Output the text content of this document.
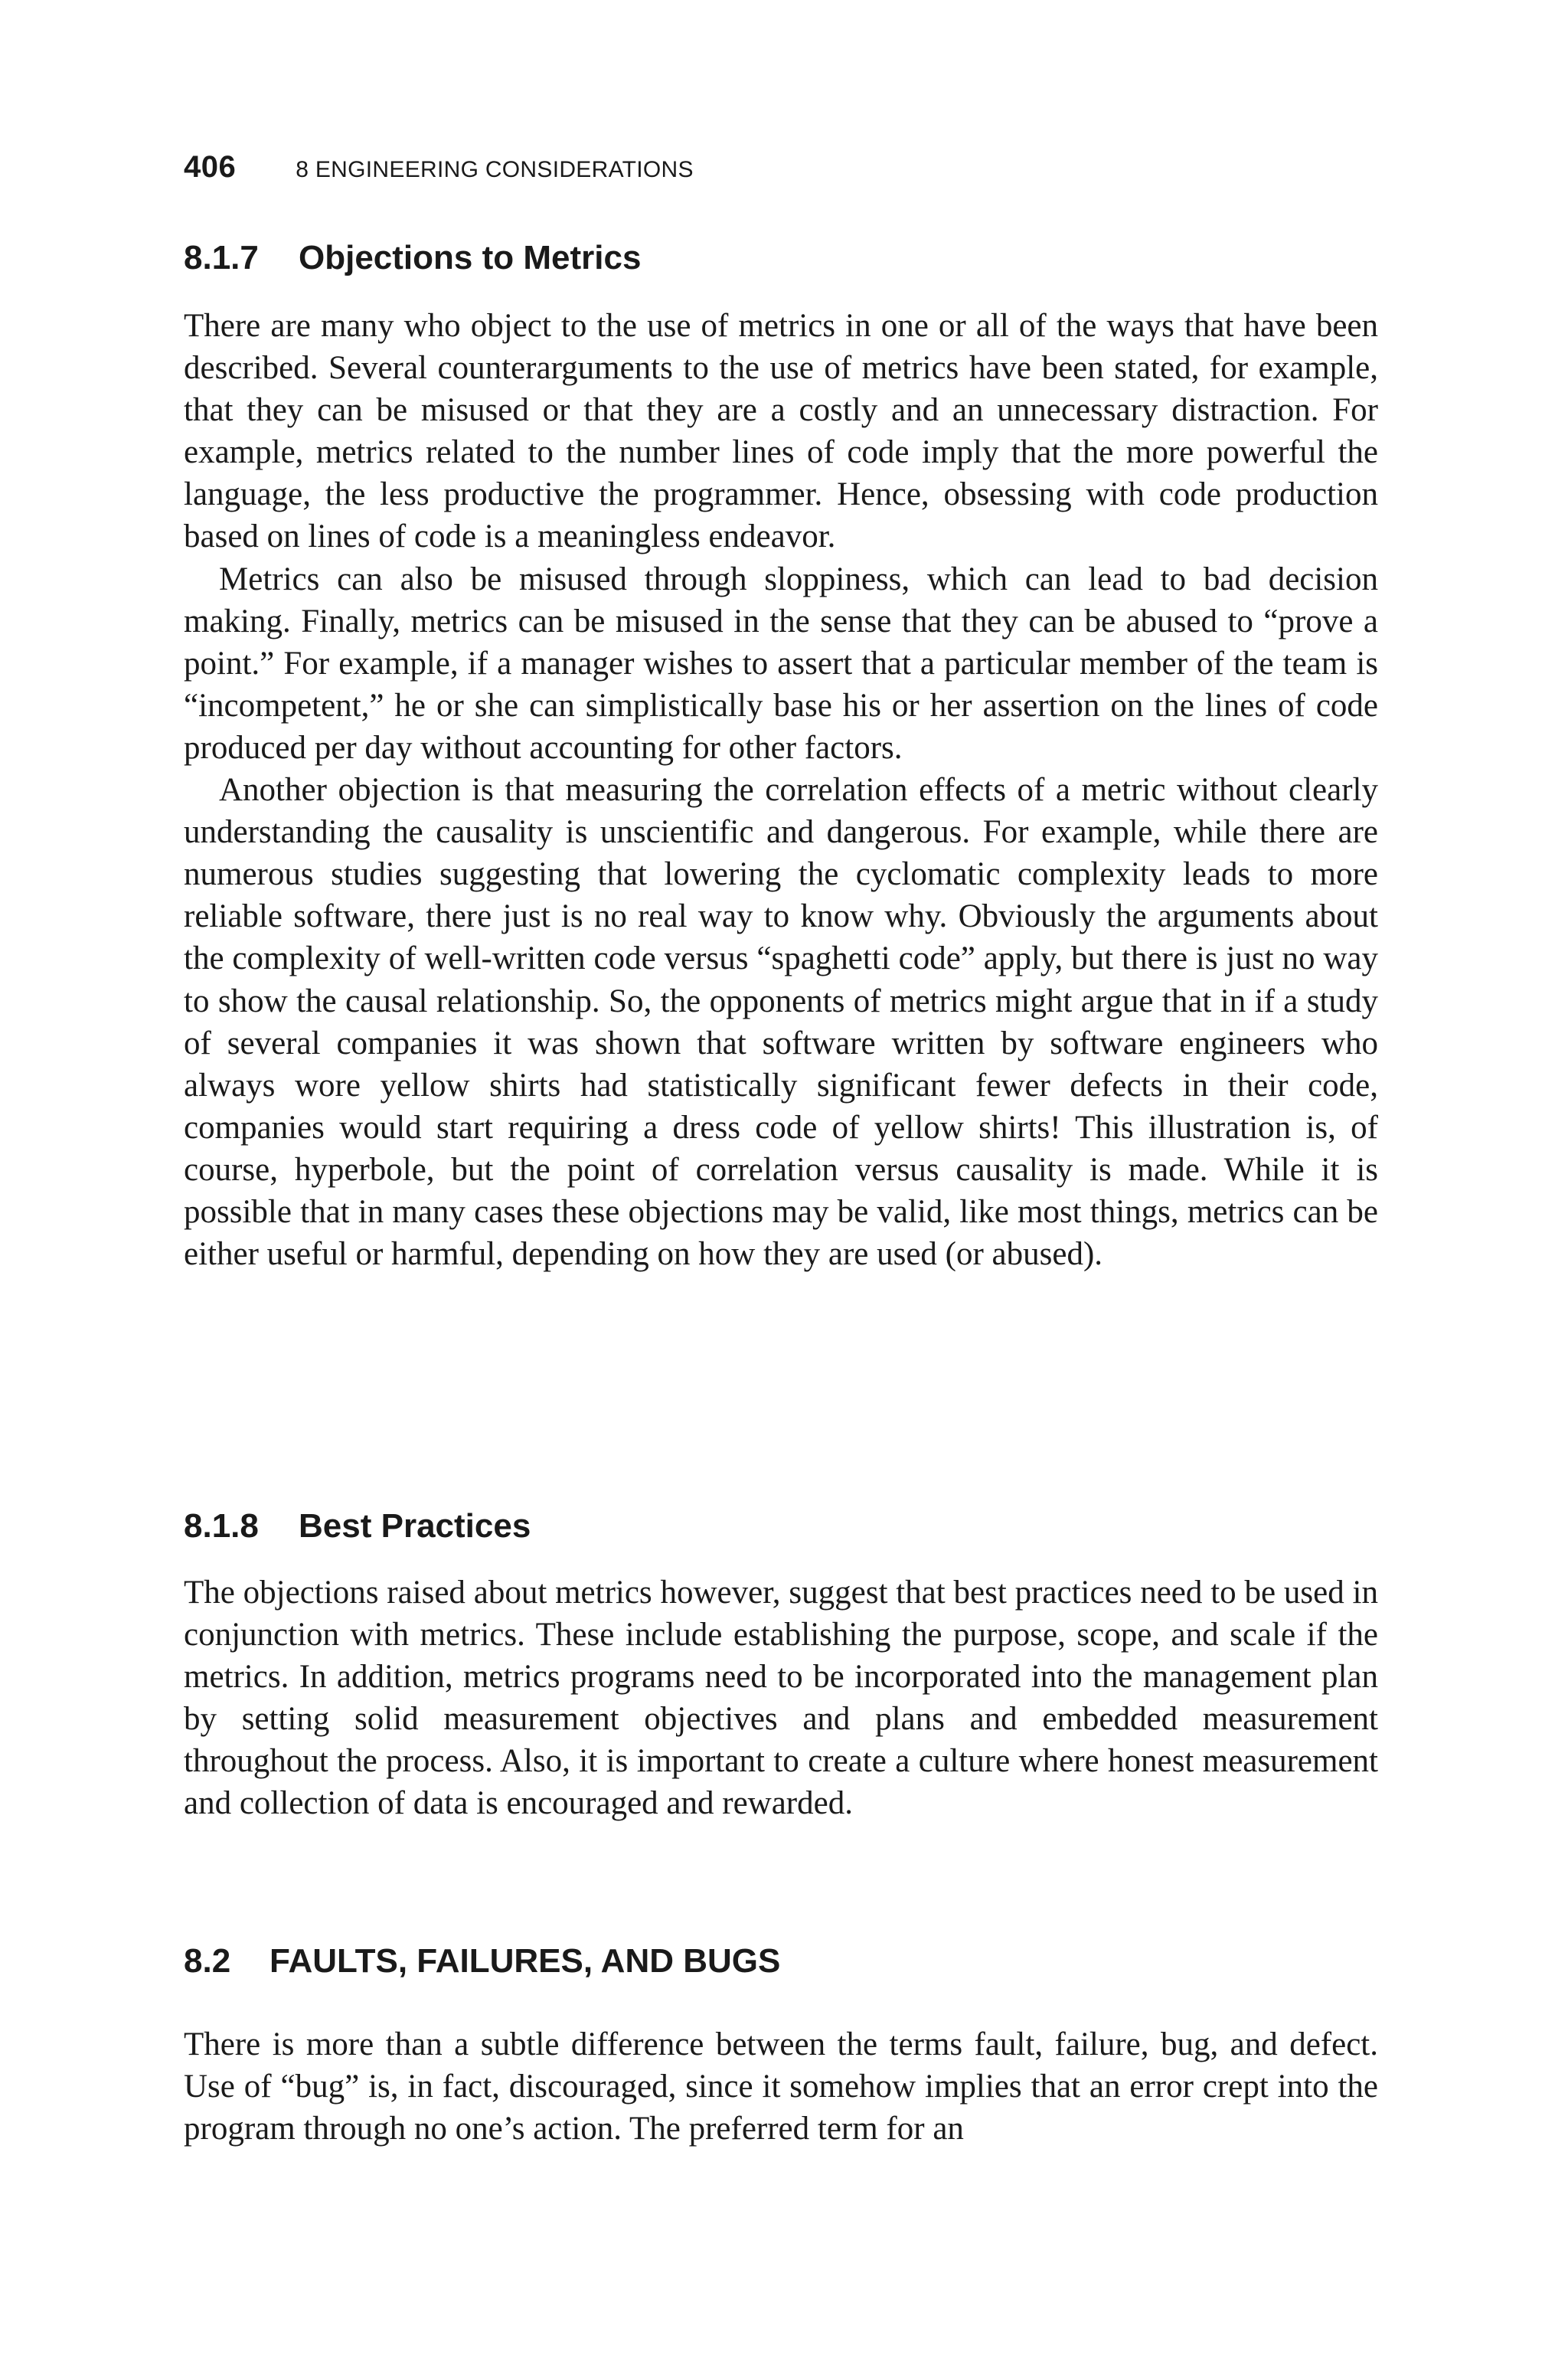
406	8 ENGINEERING CONSIDERATIONS
8.1.7 Objections to Metrics

There are many who object to the use of metrics in one or all of the ways that have been described. Several counterarguments to the use of metrics have been stated, for example, that they can be misused or that they are a costly and an unnecessary distraction. For example, metrics related to the number lines of code imply that the more powerful the language, the less productive the programmer. Hence, obsessing with code production based on lines of code is a meaningless endeavor.

Metrics can also be misused through sloppiness, which can lead to bad decision making. Finally, metrics can be misused in the sense that they can be abused to “prove a point.” For example, if a manager wishes to assert that a particular member of the team is “incompetent,” he or she can simplistically base his or her assertion on the lines of code produced per day without accounting for other factors.

Another objection is that measuring the correlation effects of a metric without clearly understanding the causality is unscientific and dangerous. For example, while there are numerous studies suggesting that lowering the cyclomatic complexity leads to more reliable software, there just is no real way to know why. Obviously the arguments about the complexity of well-written code versus “spaghetti code” apply, but there is just no way to show the causal relationship. So, the opponents of metrics might argue that in if a study of several companies it was shown that software written by software engineers who always wore yellow shirts had statistically significant fewer defects in their code, companies would start requiring a dress code of yellow shirts! This illustration is, of course, hyperbole, but the point of correlation versus causality is made. While it is possible that in many cases these objections may be valid, like most things, metrics can be either useful or harmful, depending on how they are used (or abused).

8.1.8 Best Practices

The objections raised about metrics however, suggest that best practices need to be used in conjunction with metrics. These include establishing the purpose, scope, and scale if the metrics. In addition, metrics programs need to be incorporated into the management plan by setting solid measurement objectives and plans and embedded measurement throughout the process. Also, it is important to create a culture where honest measurement and collection of data is encouraged and rewarded.

8.2 FAULTS, FAILURES, AND BUGS

There is more than a subtle difference between the terms fault, failure, bug, and defect. Use of “bug” is, in fact, discouraged, since it somehow implies that an error crept into the program through no one’s action. The preferred term for an
